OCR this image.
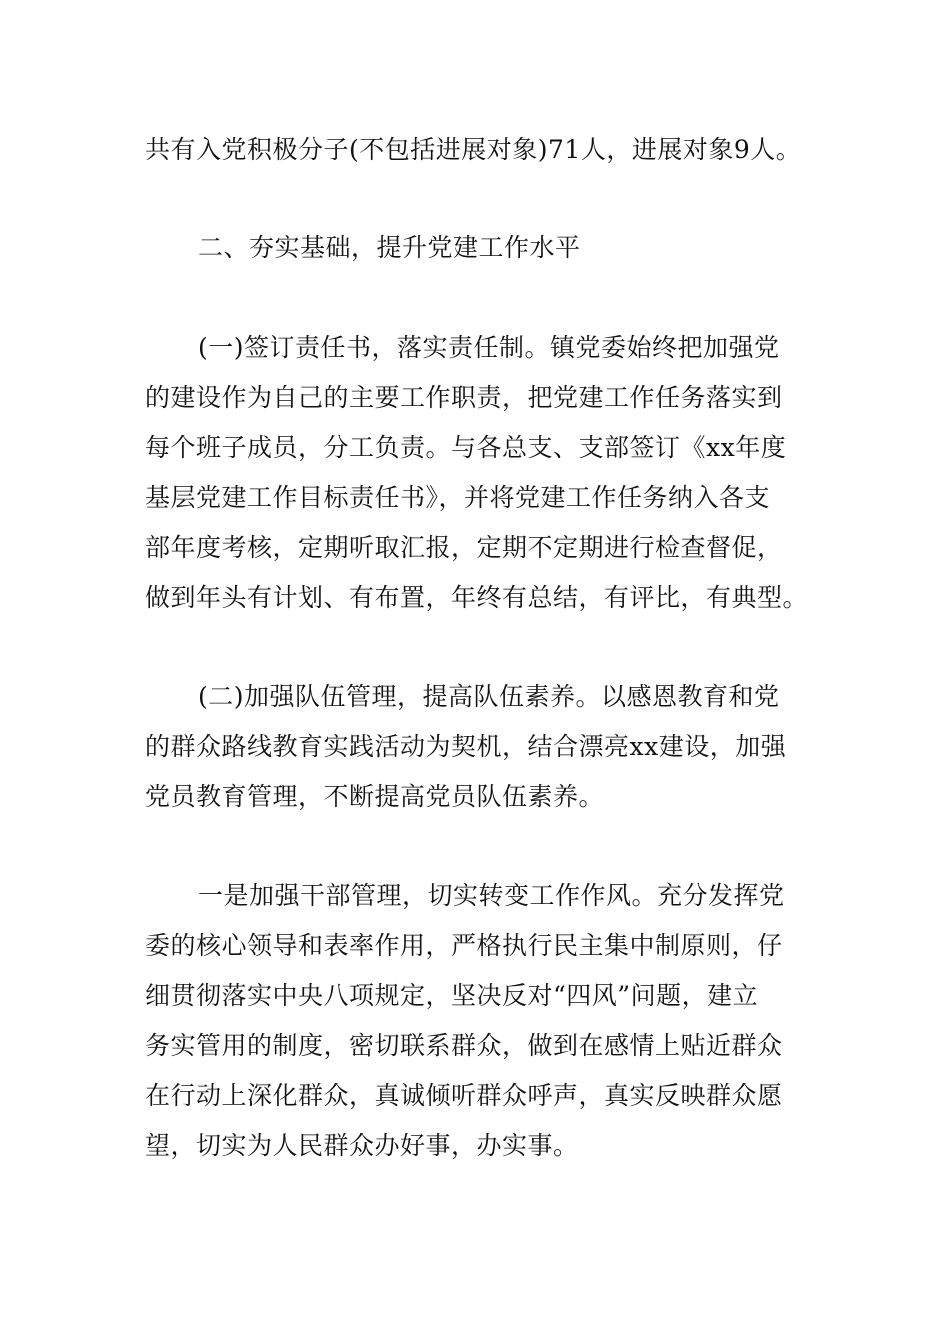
共有入党积极分子(不包括进展对象)71人，进展对象9人。
二、夯实基础，提升党建工作水平
(一)签订责任书，落实责任制。镇党委始终把加强党
的建设作为自己的主要工作职责，把党建工作任务落实到
每个班子成员，分工负责。与各总支、支部签订《xx年度
基层党建工作目标责任书》，并将党建工作任务纳入各支
部年度考核，定期听取汇报，定期不定期进行检查督促，
做到年头有计划、有布置，年终有总结，有评比，有典型。
(二)加强队伍管理，提高队伍素养。以感恩教育和党
的群众路线教育实践活动为契机，结合漂亮xx建设，加强
党员教育管理，不断提高党员队伍素养。
一是加强干部管理，切实转变工作作风。充分发挥党
委的核心领导和表率作用，严格执行民主集中制原则，仔
细贯彻落实中央八项规定，坚决反对“四风”问题，建立
务实管用的制度，密切联系群众，做到在感情上贴近群众
在行动上深化群众，真诚倾听群众呼声，真实反映群众愿
望，切实为人民群众办好事，办实事。
